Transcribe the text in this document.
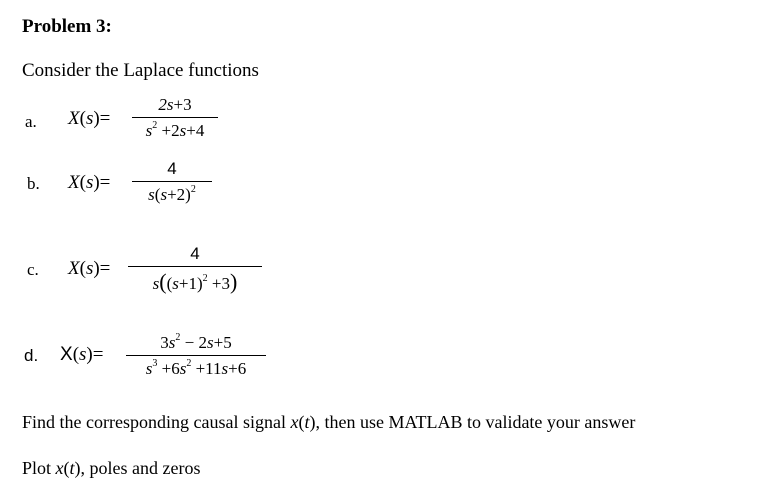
Problem 3:
Consider the Laplace functions
a. X(s)=
2s+3
$s^2 +2s+4$
b. X(s)=
4
$s(s+2)^2$
c. X(s)=
4
$s((s+1)^2 +3)$
d. X(s)=
$3s^2 - 2s+5$
$s^3 +6s^2 +11s+6$
Find the corresponding causal signal x(t), then use MATLAB to validate your answer
Plot x(t), poles and zeros
